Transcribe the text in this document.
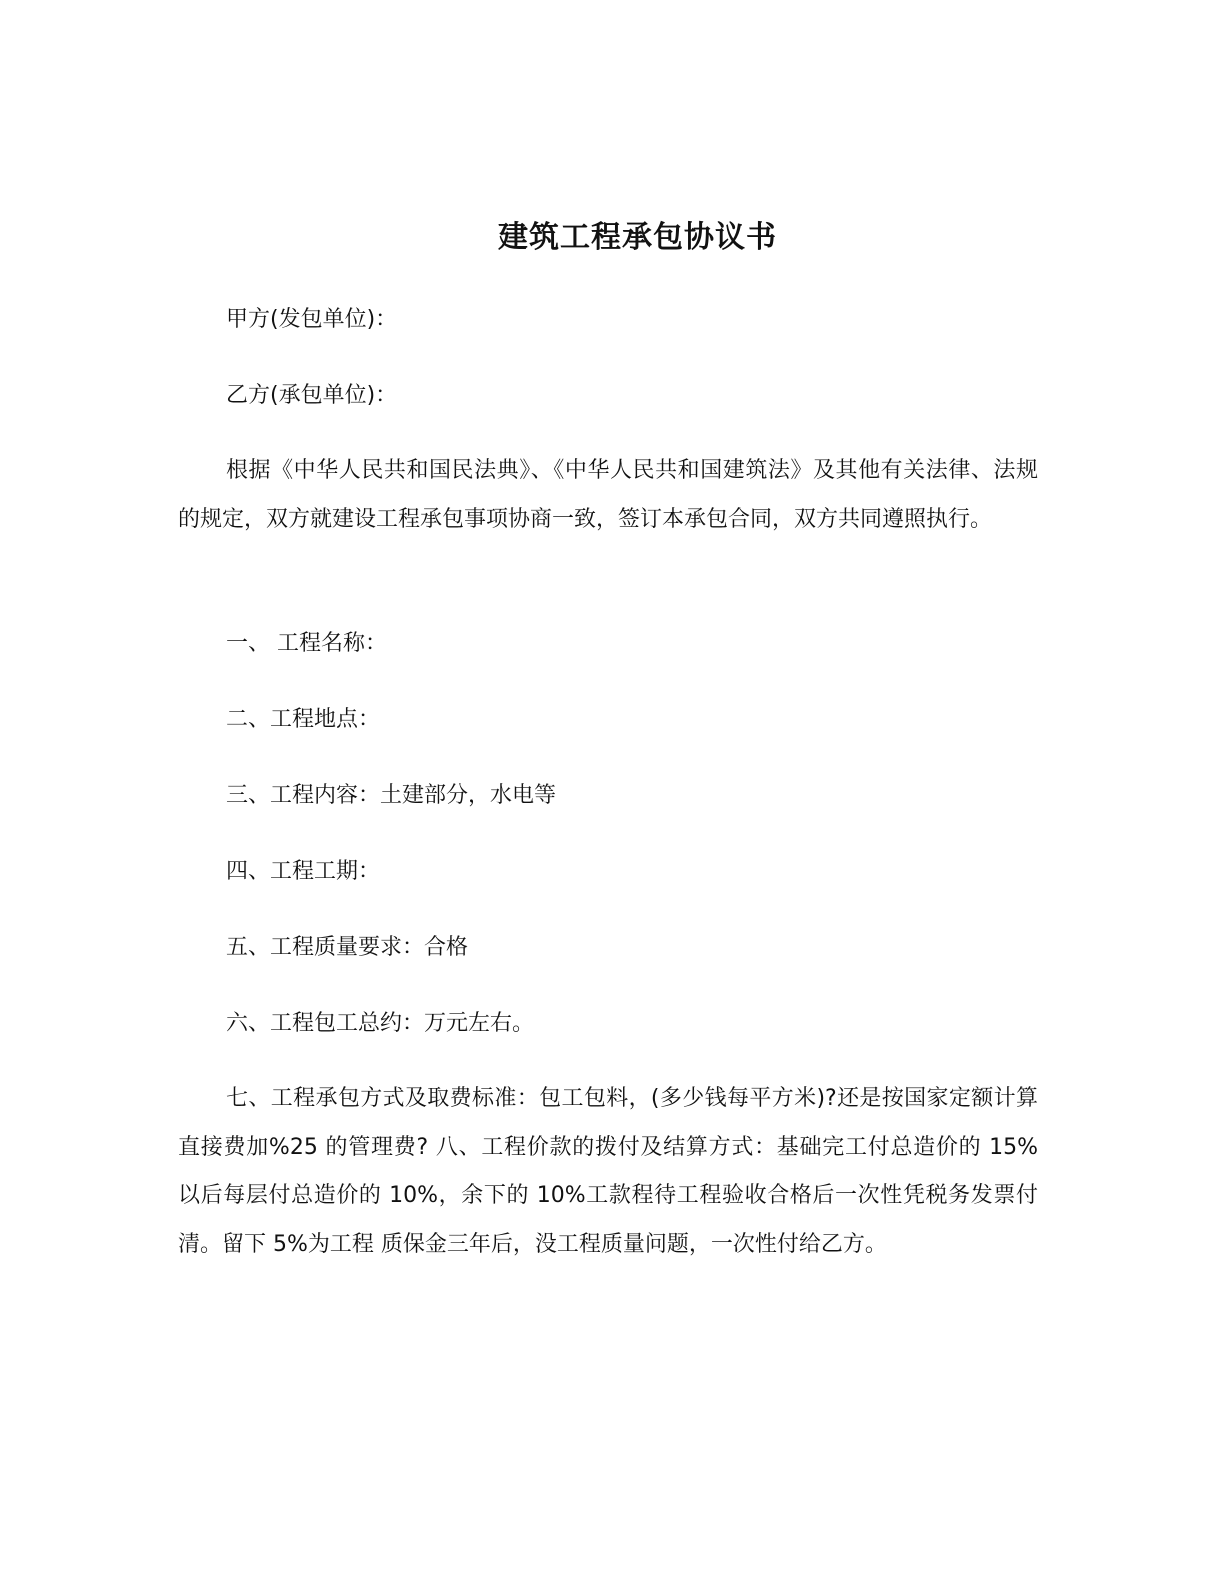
建筑工程承包协议书
甲方(发包单位)：
乙方(承包单位)：
根据《中华人民共和国民法典》、《中华人民共和国建筑法》及其他有关法律、法规的规定，双方就建设工程承包事项协商一致，签订本承包合同，双方共同遵照执行。
一、 工程名称：
二、工程地点：
三、工程内容：土建部分，水电等
四、工程工期：
五、工程质量要求：合格
六、工程包工总约：万元左右。
七、工程承包方式及取费标准：包工包料，(多少钱每平方米)?还是按国家定额计算直接费加%25 的管理费? 八、工程价款的拨付及结算方式：基础完工付总造价的 15% 以后每层付总造价的 10%，余下的 10%工款程待工程验收合格后一次性凭税务发票付清。留下 5%为工程 质保金三年后，没工程质量问题，一次性付给乙方。
